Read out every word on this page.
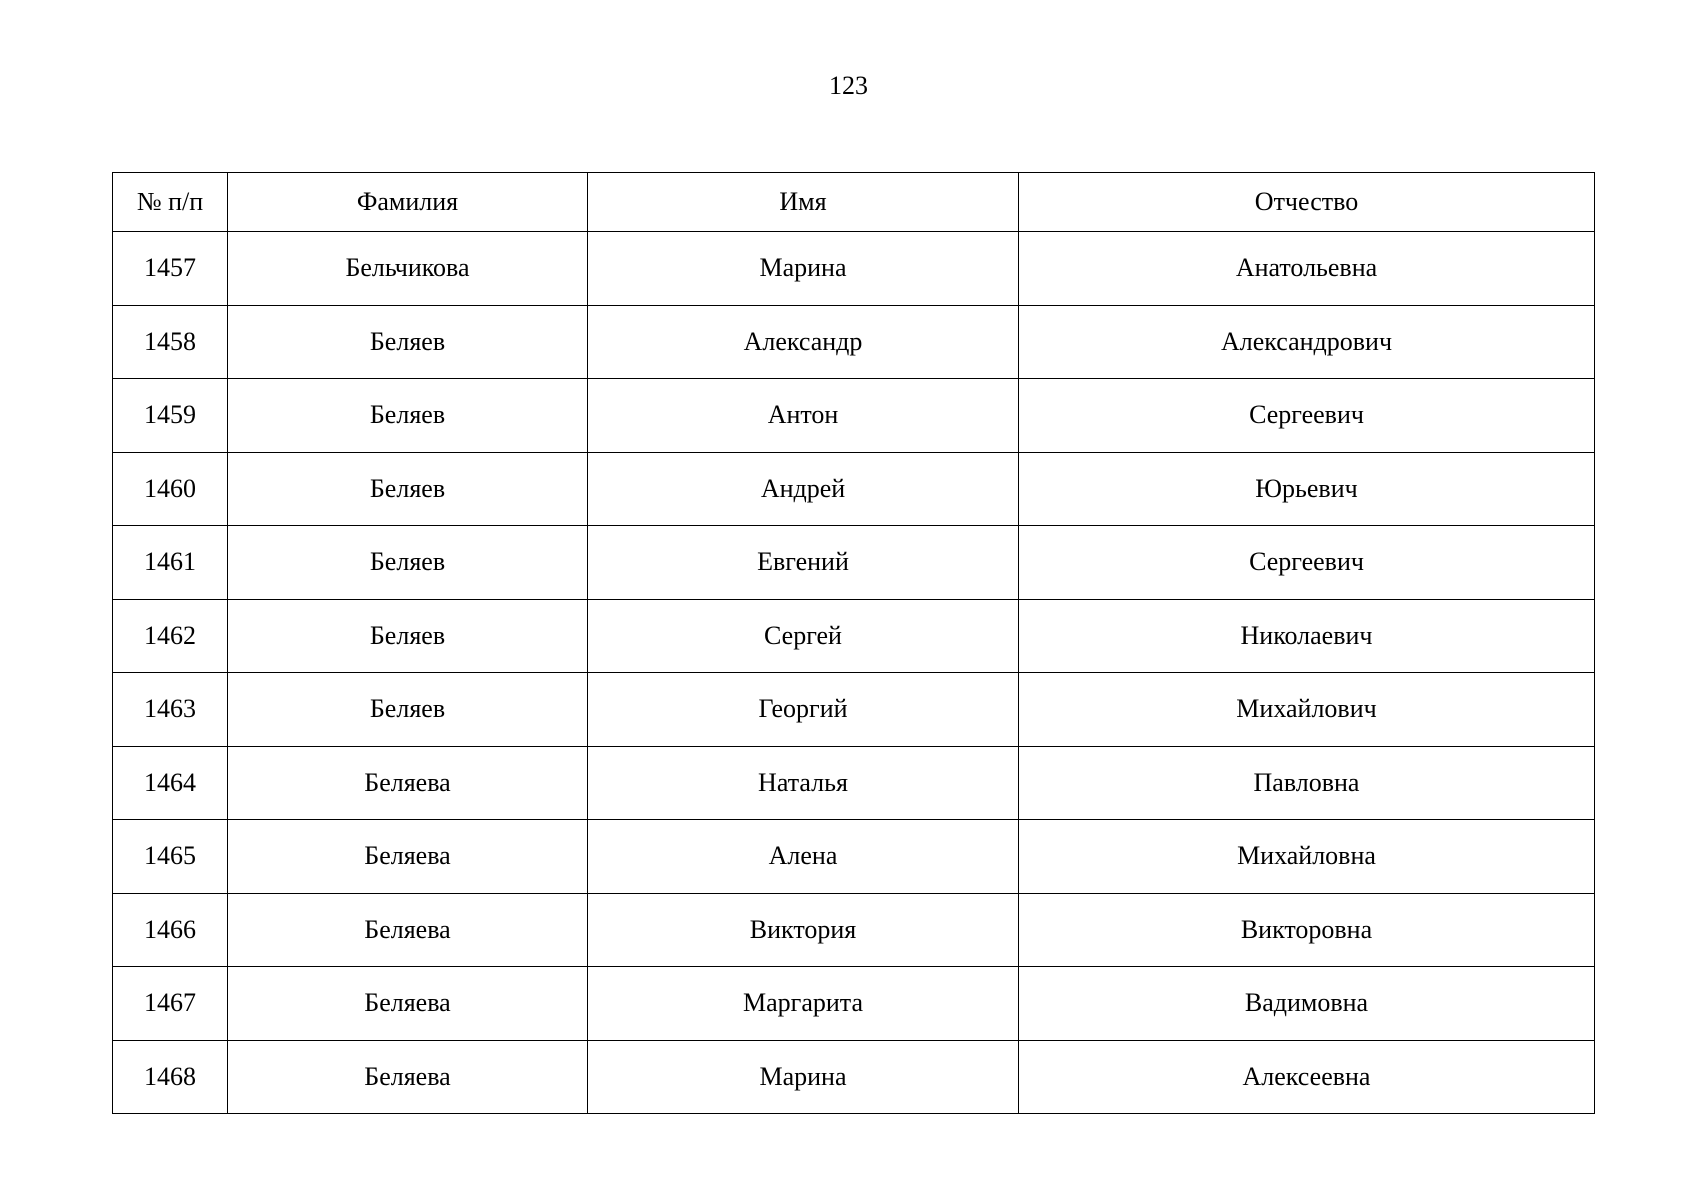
123
№ п/п	Фамилия	Имя	Отчество
1457	Бельчикова	Марина	Анатольевна
1458	Беляев	Александр	Александрович
1459	Беляев	Антон	Сергеевич
1460	Беляев	Андрей	Юрьевич
1461	Беляев	Евгений	Сергеевич
1462	Беляев	Сергей	Николаевич
1463	Беляев	Георгий	Михайлович
1464	Беляева	Наталья	Павловна
1465	Беляева	Алена	Михайловна
1466	Беляева	Виктория	Викторовна
1467	Беляева	Маргарита	Вадимовна
1468	Беляева	Марина	Алексеевна
